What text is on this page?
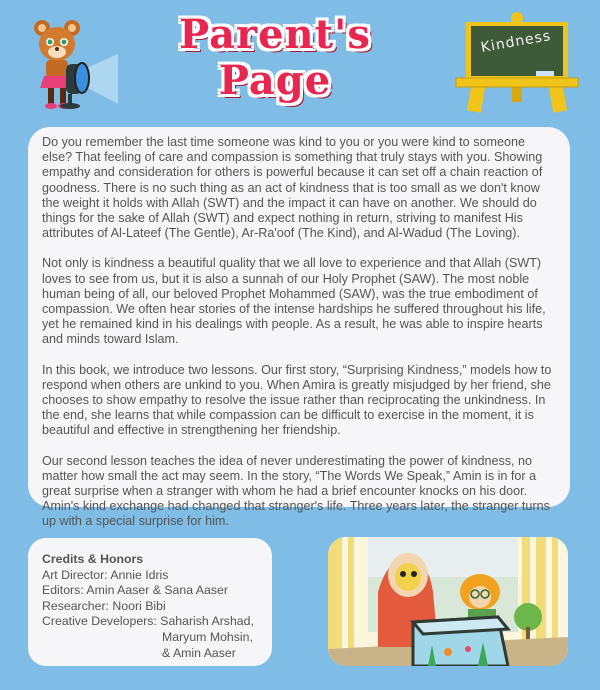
Parent's
Page
Kindness

Do you remember the last time someone was kind to you or you were kind to someone else? That feeling of care and compassion is something that truly stays with you. Showing empathy and consideration for others is powerful because it can set off a chain reaction of goodness. There is no such thing as an act of kindness that is too small as we don't know the weight it holds with Allah (SWT) and the impact it can have on another. We should do things for the sake of Allah (SWT) and expect nothing in return, striving to manifest His attributes of Al-Lateef (The Gentle), Ar-Ra'oof (The Kind), and Al-Wadud (The Loving).

Not only is kindness a beautiful quality that we all love to experience and that Allah (SWT) loves to see from us, but it is also a sunnah of our Holy Prophet (SAW). The most noble human being of all, our beloved Prophet Mohammed (SAW), was the true embodiment of compassion. We often hear stories of the intense hardships he suffered throughout his life, yet he remained kind in his dealings with people. As a result, he was able to inspire hearts and minds toward Islam.

In this book, we introduce two lessons. Our first story, “Surprising Kindness,” models how to respond when others are unkind to you. When Amira is greatly misjudged by her friend, she chooses to show empathy to resolve the issue rather than reciprocating the unkindness. In the end, she learns that while compassion can be difficult to exercise in the moment, it is beautiful and effective in strengthening her friendship.

Our second lesson teaches the idea of never underestimating the power of kindness, no matter how small the act may seem. In the story, “The Words We Speak,” Amin is in for a great surprise when a stranger with whom he had a brief encounter knocks on his door. Amin's kind exchange had changed that stranger's life. Three years later, the stranger turns up with a special surprise for him.

Credits & Honors
Art Director: Annie Idris
Editors: Amin Aaser & Sana Aaser
Researcher: Noori Bibi
Creative Developers: Saharish Arshad,
Maryum Mohsin,
& Amin Aaser
